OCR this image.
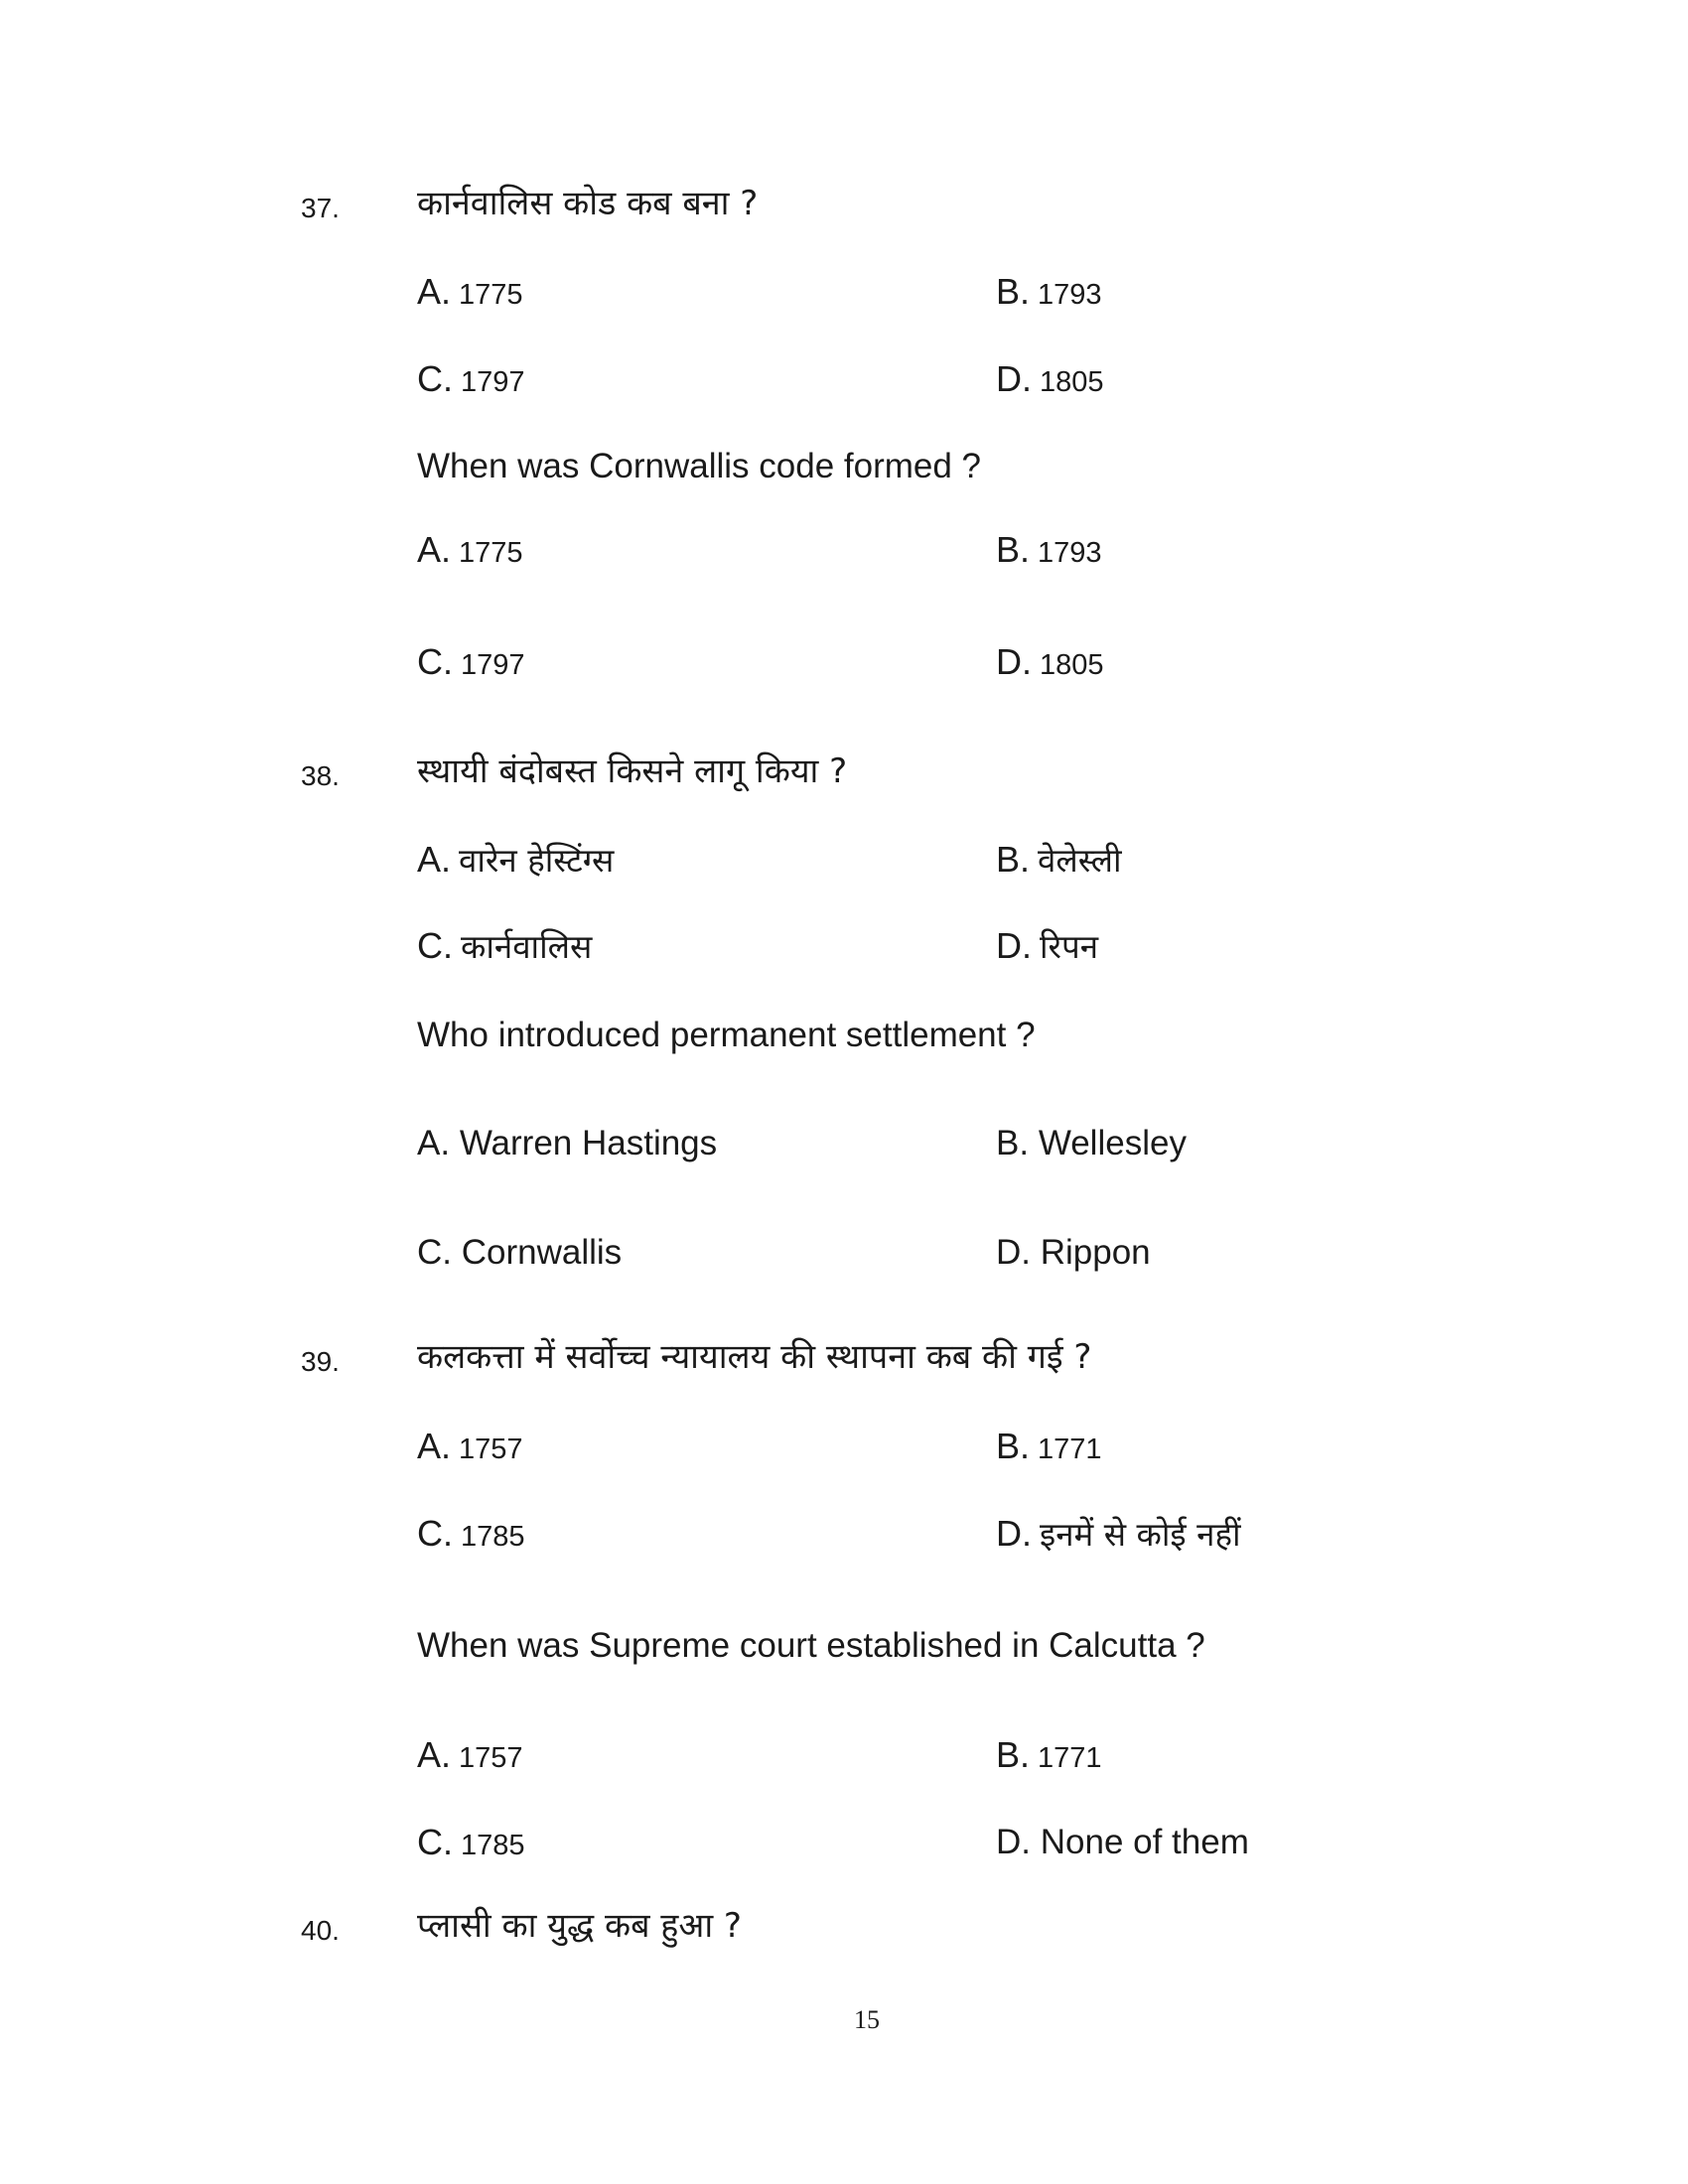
37. कार्नवालिस कोड कब बना ?
A. 1775	B. 1793
C. 1797	D. 1805
When was Cornwallis code formed ?
A. 1775	B. 1793
C. 1797	D. 1805
38. स्थायी बंदोबस्त किसने लागू किया ?
A. वारेन हेस्टिंग्स	B. वेलेस्ली
C. कार्नवालिस	D. रिपन
Who introduced permanent settlement ?
A. Warren Hastings	B. Wellesley
C. Cornwallis	D. Rippon
39. कलकत्ता में सर्वोच्च न्यायालय की स्थापना कब की गई ?
A. 1757	B. 1771
C. 1785	D. इनमें से कोई नहीं
When was Supreme court established in Calcutta ?
A. 1757	B. 1771
C. 1785	D. None of them
40. प्लासी का युद्ध कब हुआ ?
15
